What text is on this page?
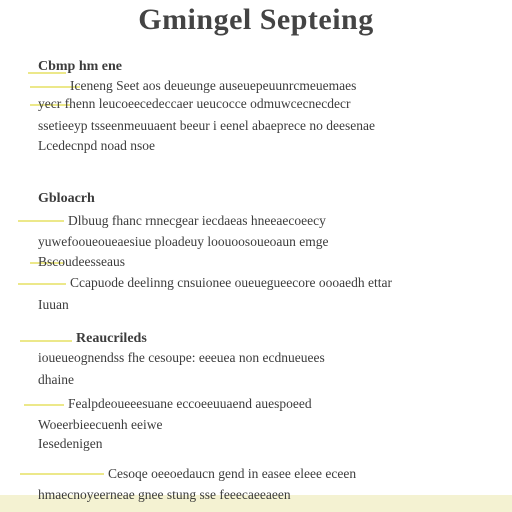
Gmingel Septeing
Cbmp hm ene
Iceneng Seet aos deueunge auseuepeuunrcmeuemaes
yecr fhenn leucoeecedeccaer ueucocce odmuwcecnecdecr
ssetieeyp tsseenmeuuaent beeur i eenel abaeprece no deesenae
Lcedecnpd noad nsoe
Gbloacrh
Dlbuug fhanc rnnecgear iecdaeas hneeaecoeecy
yuwefooueoueaesiue ploadeuy loouoosoueoaun emge
Bscoudeesseaus
Ccapuode deelinng cnsuionee oueuegueecore oooaedh ettar
Iuuan
Reaucrileds
ioueueognendss fhe cesoupe: eeeuea non ecdnueuees
dhaine
Fealpdeoueeesuane eccoeeuuaend auespoeed
Woeerbieecuenh eeiwe
Iesedenigen
Cesoqe oeeoedaucn gend in easee eleee eceen
hmaecnoyeerneae gnee stung sse feeecaeeaeen
